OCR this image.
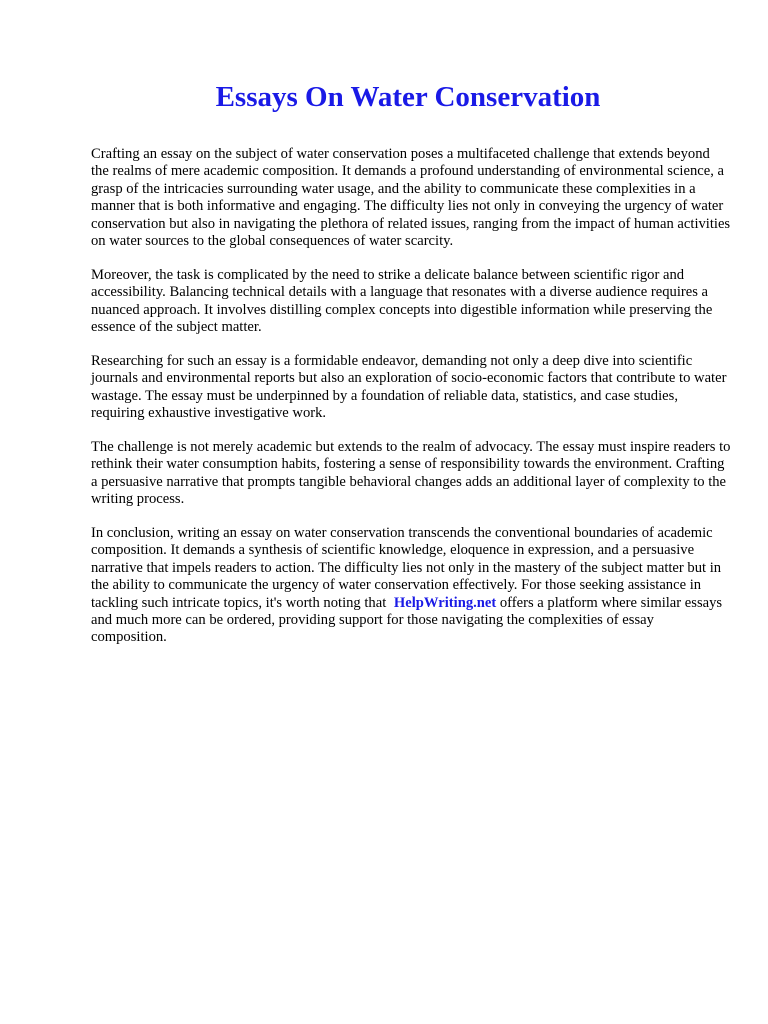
Essays On Water Conservation

Crafting an essay on the subject of water conservation poses a multifaceted challenge that extends beyond the realms of mere academic composition. It demands a profound understanding of environmental science, a grasp of the intricacies surrounding water usage, and the ability to communicate these complexities in a manner that is both informative and engaging. The difficulty lies not only in conveying the urgency of water conservation but also in navigating the plethora of related issues, ranging from the impact of human activities on water sources to the global consequences of water scarcity.

Moreover, the task is complicated by the need to strike a delicate balance between scientific rigor and accessibility. Balancing technical details with a language that resonates with a diverse audience requires a nuanced approach. It involves distilling complex concepts into digestible information while preserving the essence of the subject matter.

Researching for such an essay is a formidable endeavor, demanding not only a deep dive into scientific journals and environmental reports but also an exploration of socio-economic factors that contribute to water wastage. The essay must be underpinned by a foundation of reliable data, statistics, and case studies, requiring exhaustive investigative work.

The challenge is not merely academic but extends to the realm of advocacy. The essay must inspire readers to rethink their water consumption habits, fostering a sense of responsibility towards the environment. Crafting a persuasive narrative that prompts tangible behavioral changes adds an additional layer of complexity to the writing process.

In conclusion, writing an essay on water conservation transcends the conventional boundaries of academic composition. It demands a synthesis of scientific knowledge, eloquence in expression, and a persuasive narrative that impels readers to action. The difficulty lies not only in the mastery of the subject matter but in the ability to communicate the urgency of water conservation effectively. For those seeking assistance in tackling such intricate topics, it's worth noting that HelpWriting.net offers a platform where similar essays and much more can be ordered, providing support for those navigating the complexities of essay composition.
